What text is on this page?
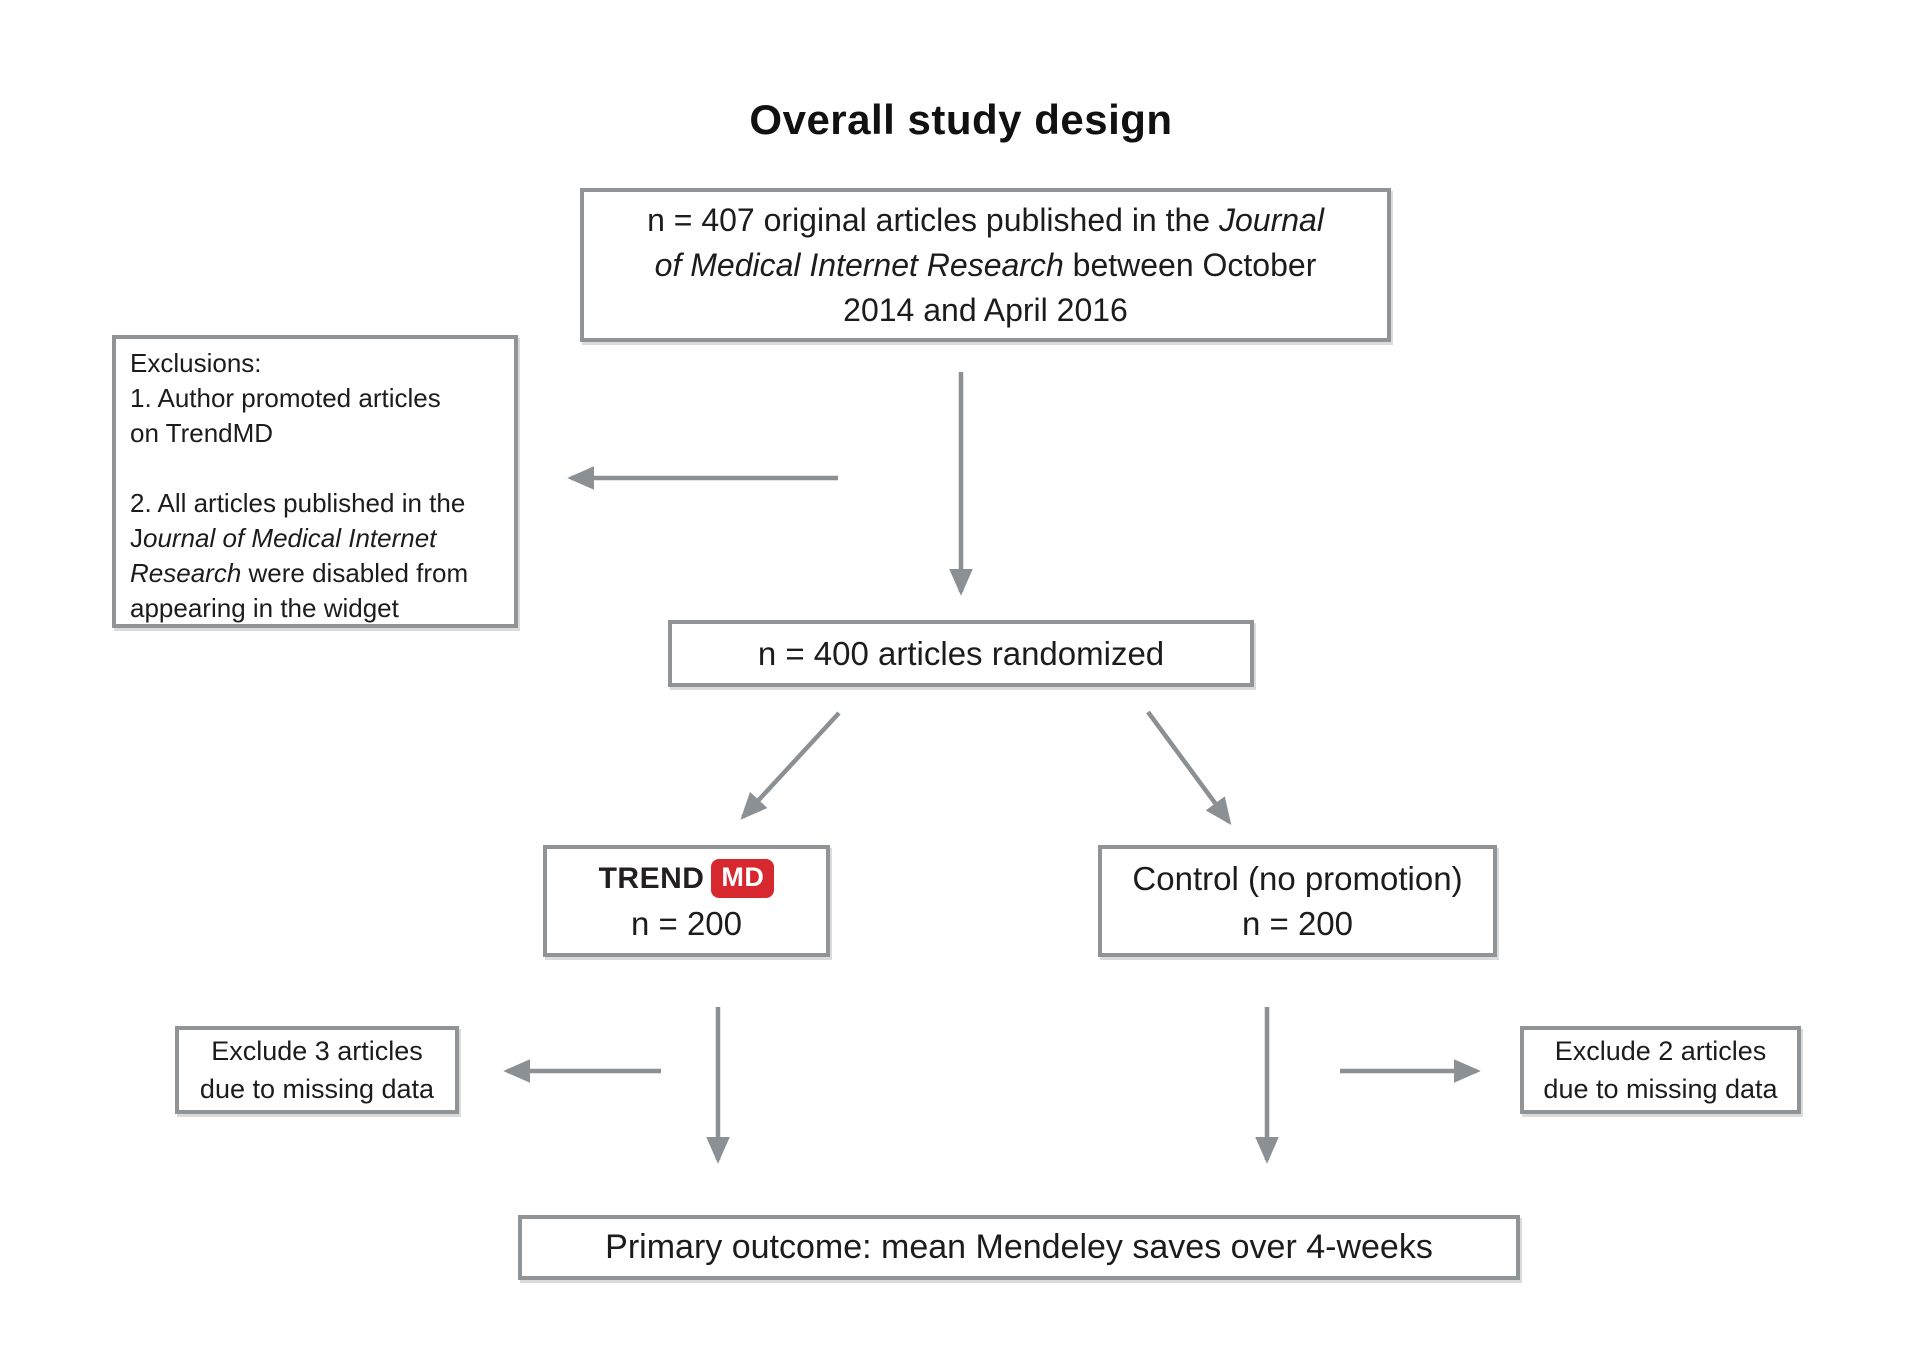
Overall study design
n = 407 original articles published in the Journal
of Medical Internet Research between October
2014 and April 2016
Exclusions:
1. Author promoted articles
on TrendMD
2. All articles published in the
Journal of Medical Internet
Research were disabled from
appearing in the widget
n = 400 articles randomized
TREND MD
n = 200
Control (no promotion)
n = 200
Exclude 3 articles
due to missing data
Exclude 2 articles
due to missing data
Primary outcome: mean Mendeley saves over 4-weeks
